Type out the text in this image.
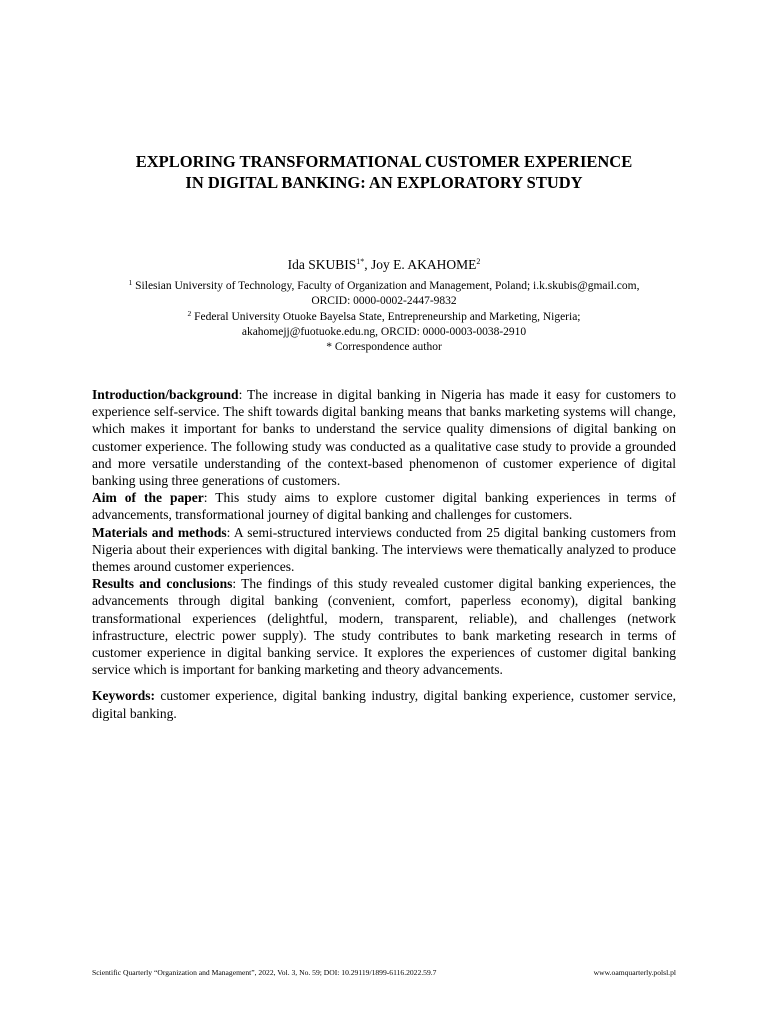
EXPLORING TRANSFORMATIONAL CUSTOMER EXPERIENCE
IN DIGITAL BANKING: AN EXPLORATORY STUDY
Ida $SKUBIS^{1*}$, Joy E. AKAHOME$^2$
$^1$ Silesian University of Technology, Faculty of Organization and Management, Poland; i.k.skubis@gmail.com,
ORCID: 0000-0002-2447-9832
$^2$ Federal University Otuoke Bayelsa State, Entrepreneurship and Marketing, Nigeria;
akahomejj@fuotuoke.edu.ng, ORCID: 0000-0003-0038-2910
* Correspondence author

Introduction/background: The increase in digital banking in Nigeria has made it easy for customers to experience self-service. The shift towards digital banking means that banks marketing systems will change, which makes it important for banks to understand the service quality dimensions of digital banking on customer experience. The following study was conducted as a qualitative case study to provide a grounded and more versatile understanding of the context-based phenomenon of customer experience of digital banking using three generations of customers.

Aim of the paper: This study aims to explore customer digital banking experiences in terms of advancements, transformational journey of digital banking and challenges for customers.

Materials and methods: A semi-structured interviews conducted from 25 digital banking customers from Nigeria about their experiences with digital banking. The interviews were thematically analyzed to produce themes around customer experiences.

Results and conclusions: The findings of this study revealed customer digital banking experiences, the advancements through digital banking (convenient, comfort, paperless economy), digital banking transformational experiences (delightful, modern, transparent, reliable), and challenges (network infrastructure, electric power supply). The study contributes to bank marketing research in terms of customer experience in digital banking service. It explores the experiences of customer digital banking service which is important for banking marketing and theory advancements.

Keywords: customer experience, digital banking industry, digital banking experience, customer service, digital banking.

Scientific Quarterly “Organization and Management”, 2022, Vol. 3, No. 59; DOI: 10.29119/1899-6116.2022.59.7	www.oamquarterly.polsl.pl
